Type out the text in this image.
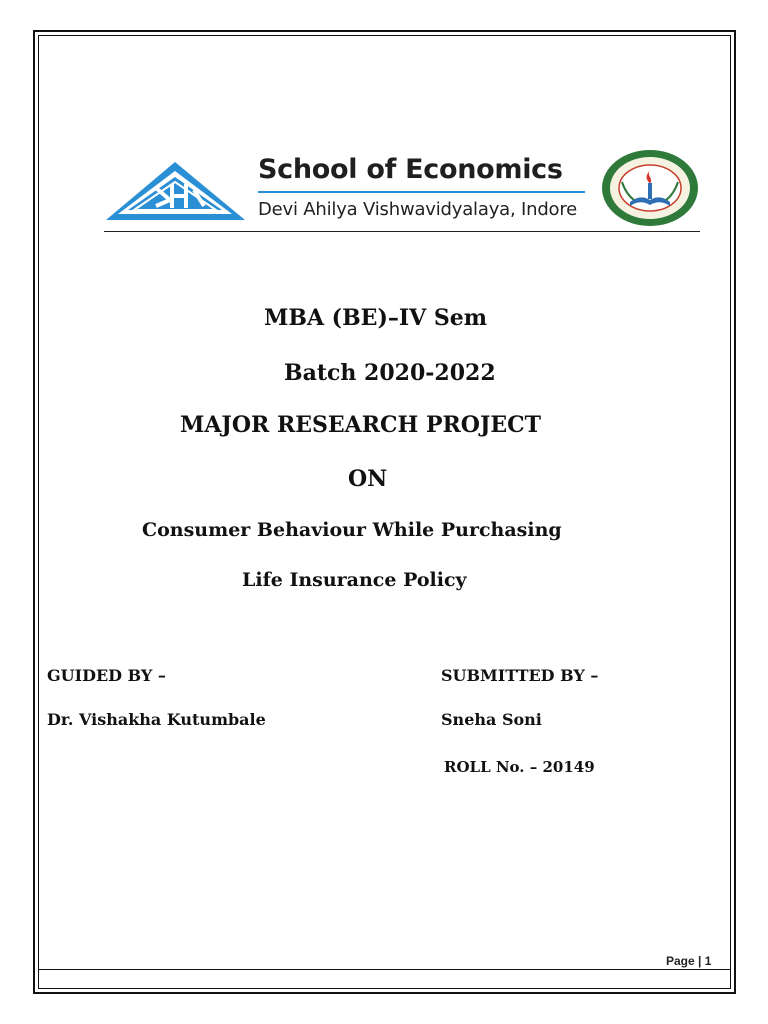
School of Economics
Devi Ahilya Vishwavidyalaya, Indore
MBA (BE)–IV Sem
Batch 2020-2022
MAJOR RESEARCH PROJECT
ON
Consumer Behaviour While Purchasing
Life Insurance Policy
GUIDED BY –
Dr. Vishakha Kutumbale
SUBMITTED BY –
Sneha Soni
ROLL No. – 20149
Page | 1
